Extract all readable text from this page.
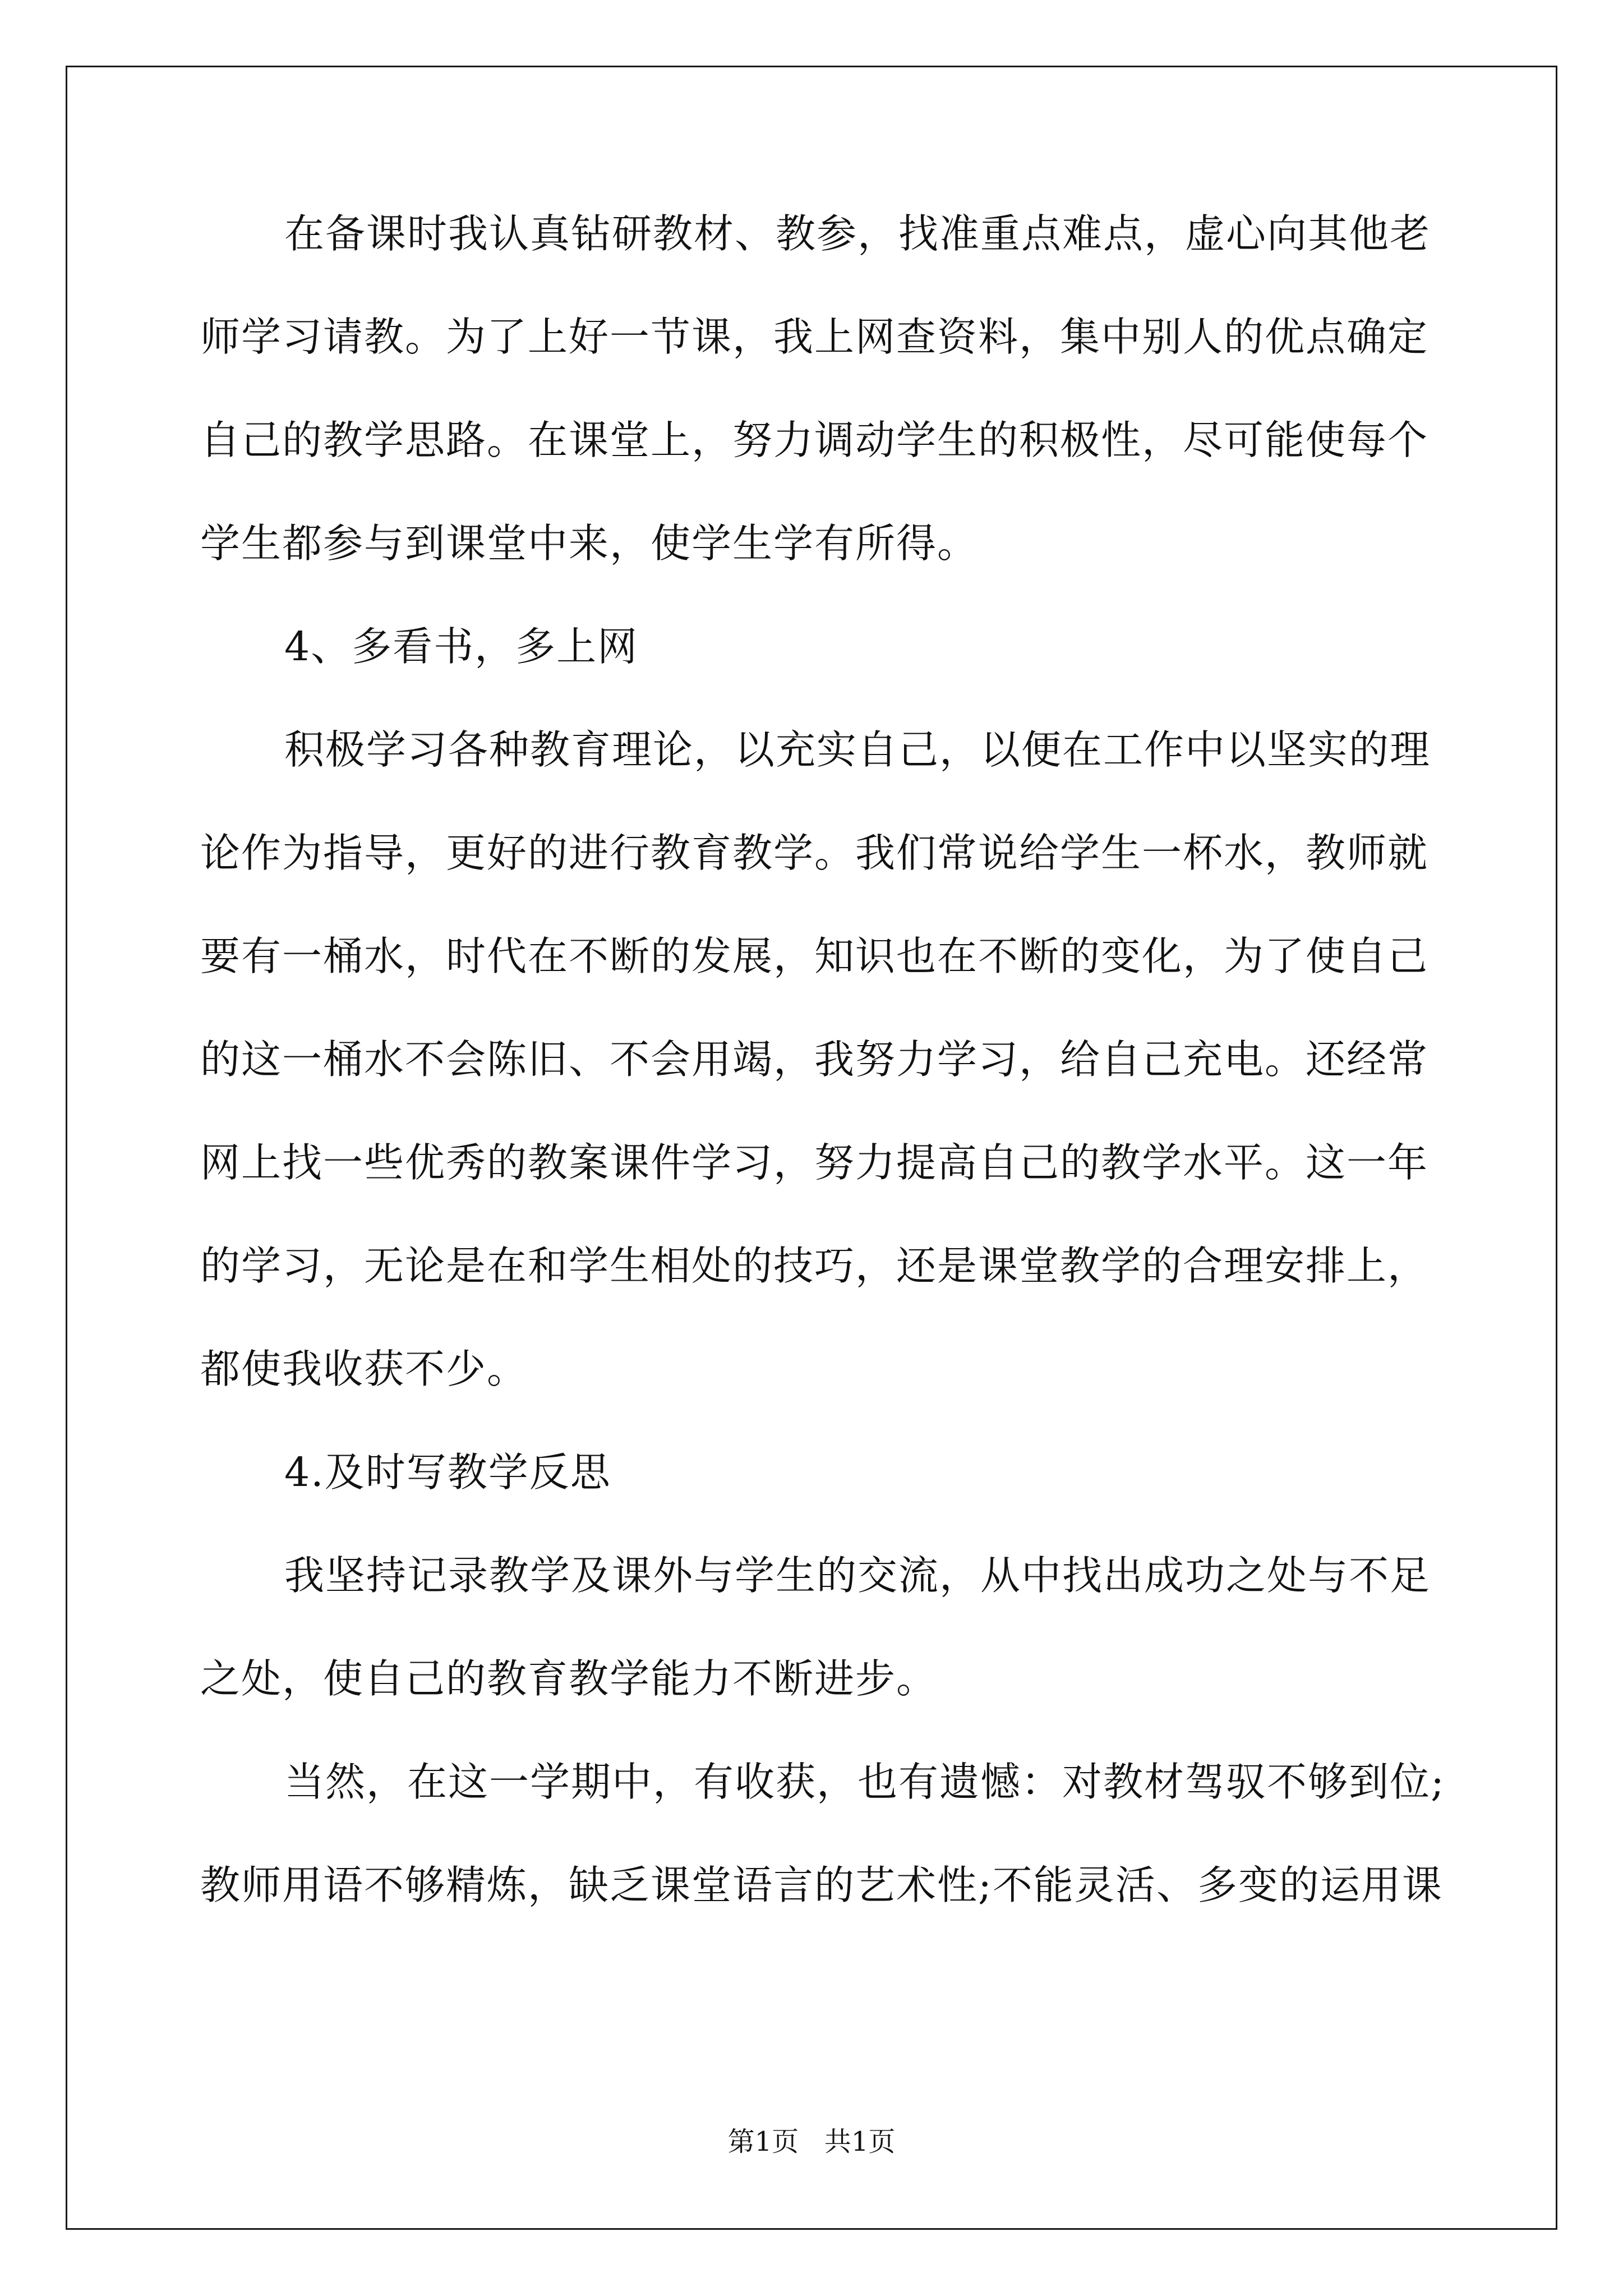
在备课时我认真钻研教材、教参，找准重点难点，虚心向其他老
师学习请教。为了上好一节课，我上网查资料，集中别人的优点确定
自己的教学思路。在课堂上，努力调动学生的积极性，尽可能使每个
学生都参与到课堂中来，使学生学有所得。
4、多看书，多上网
积极学习各种教育理论，以充实自己，以便在工作中以坚实的理
论作为指导，更好的进行教育教学。我们常说给学生一杯水，教师就
要有一桶水，时代在不断的发展，知识也在不断的变化，为了使自己
的这一桶水不会陈旧、不会用竭，我努力学习，给自己充电。还经常
网上找一些优秀的教案课件学习，努力提高自己的教学水平。这一年
的学习，无论是在和学生相处的技巧，还是课堂教学的合理安排上，
都使我收获不少。
4.及时写教学反思
我坚持记录教学及课外与学生的交流，从中找出成功之处与不足
之处，使自己的教育教学能力不断进步。
当然，在这一学期中，有收获，也有遗憾：对教材驾驭不够到位;
教师用语不够精炼，缺乏课堂语言的艺术性;不能灵活、多变的运用课
第1页   共1页
